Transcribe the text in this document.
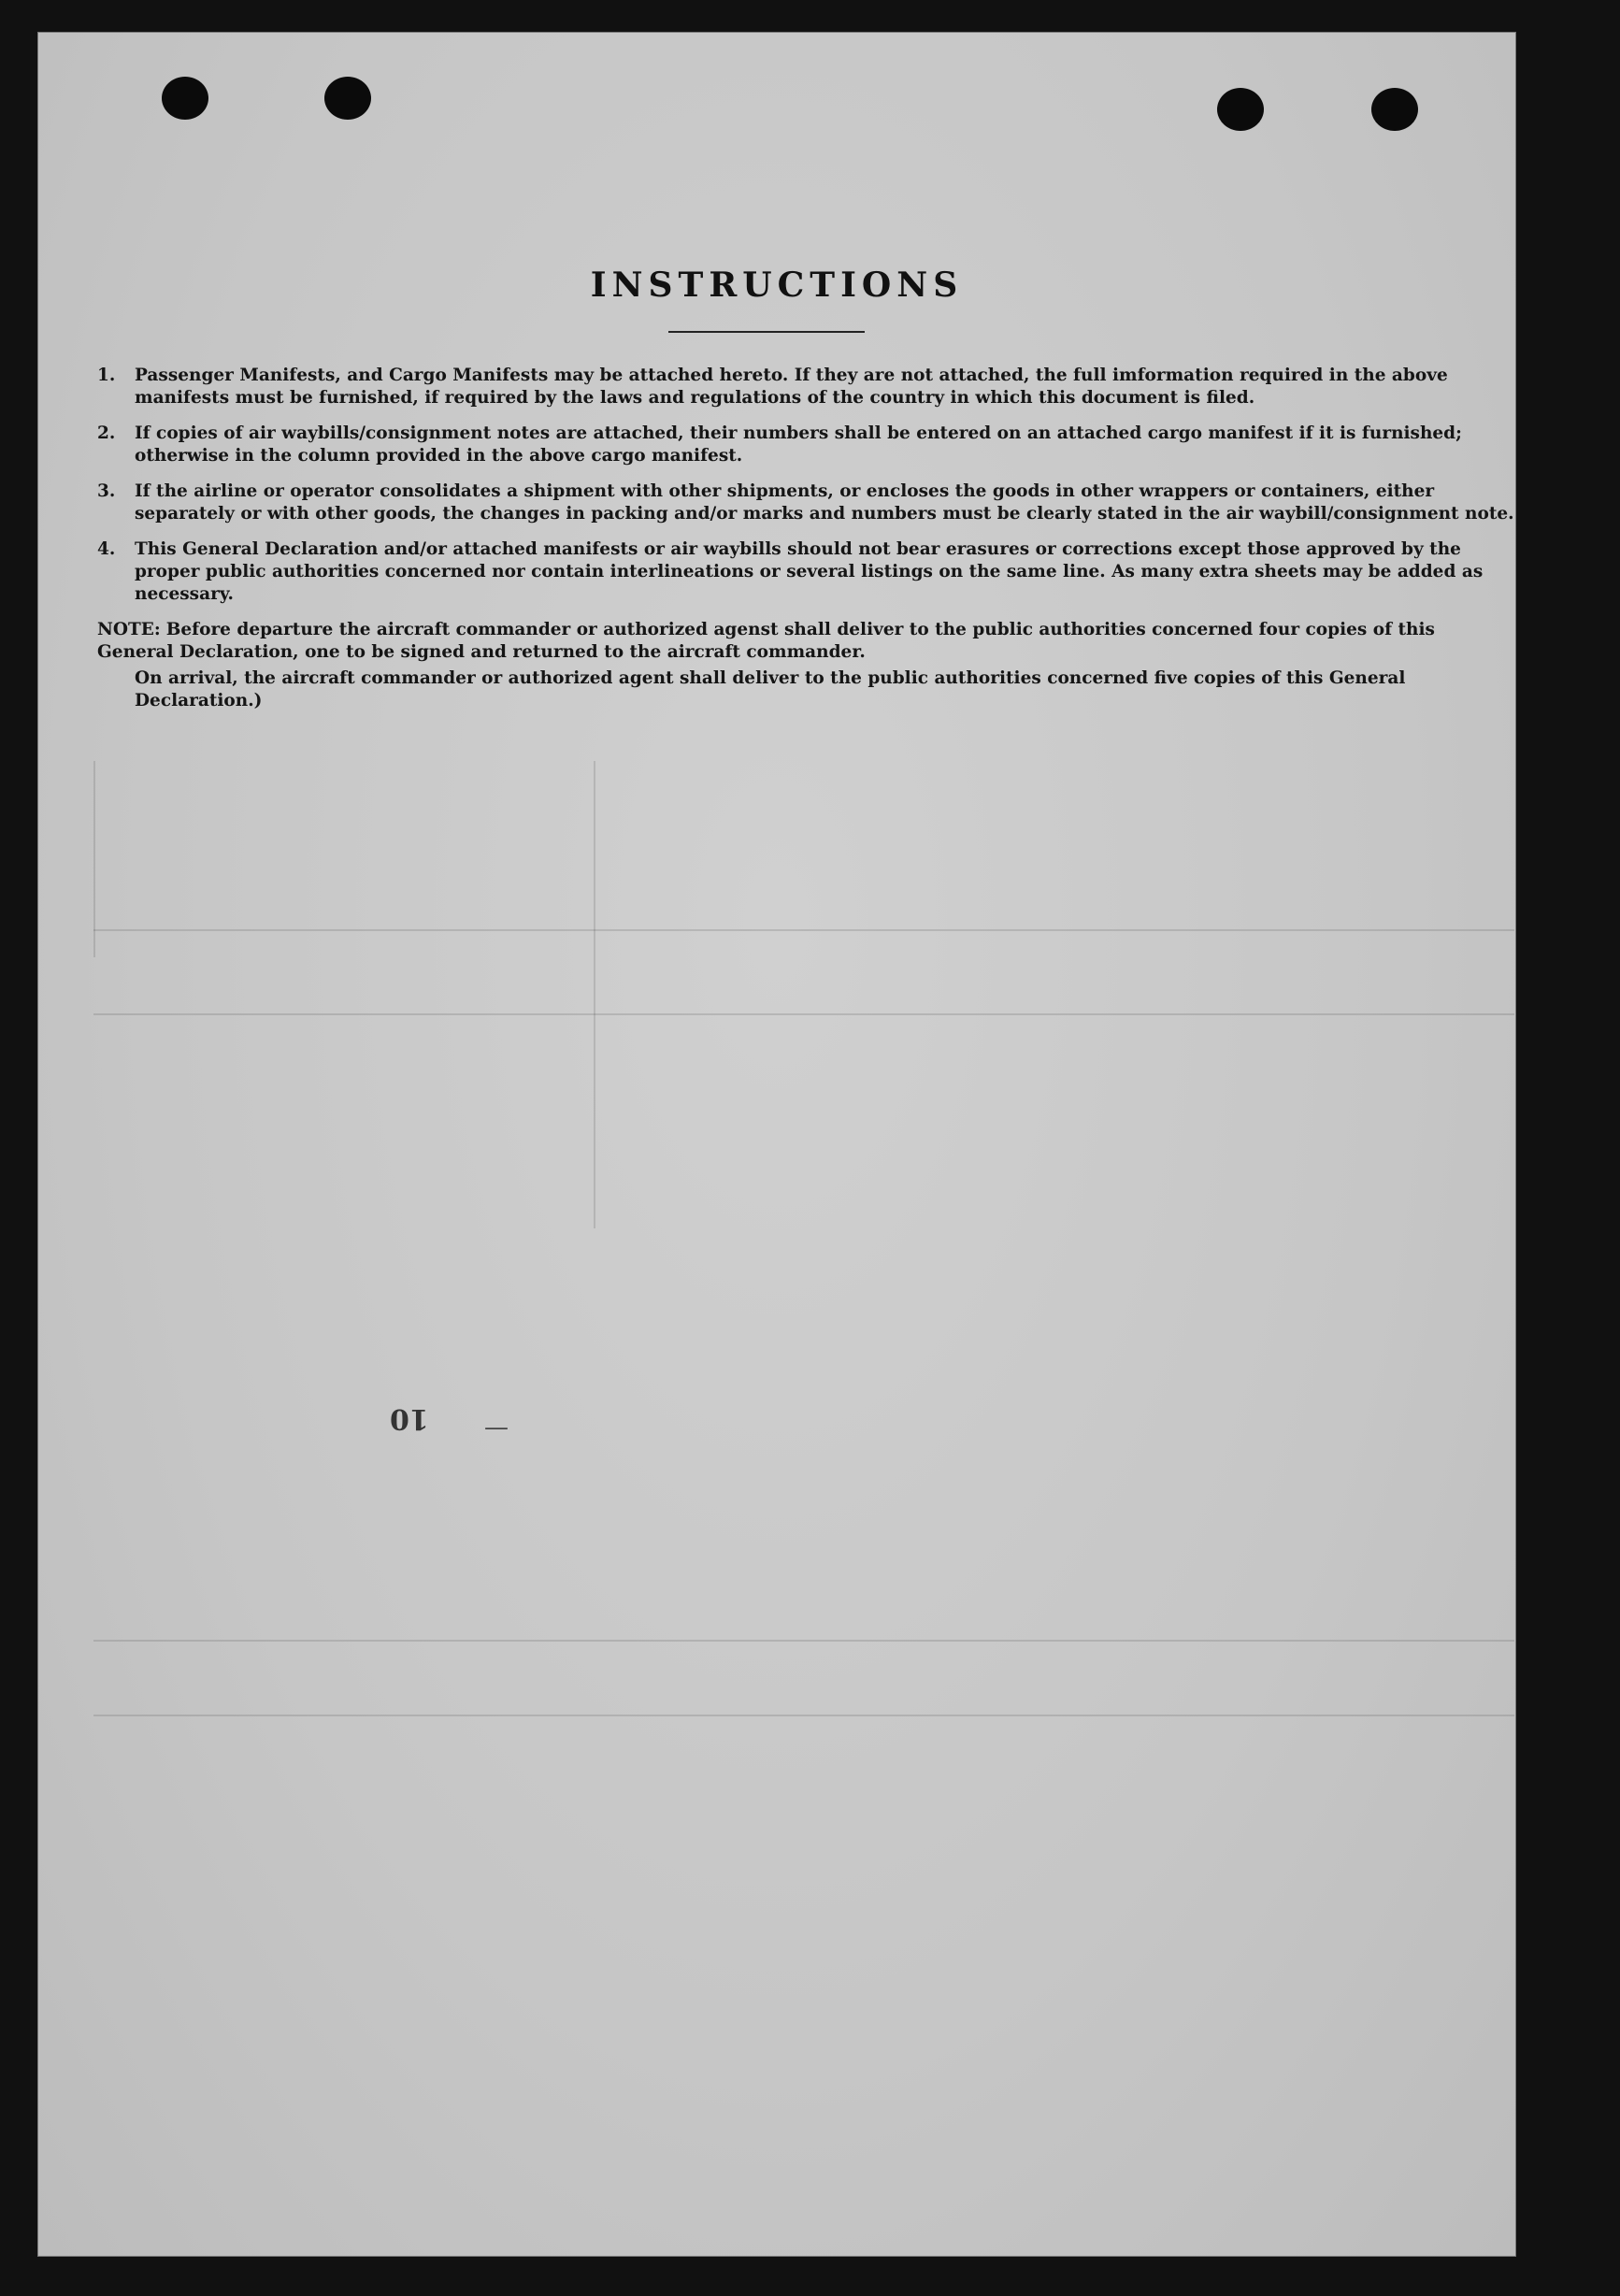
INSTRUCTIONS
1.	Passenger Manifests, and Cargo Manifests may be attached hereto. If they are not attached, the full imformation required in the above manifests must be furnished, if required by the laws and regulations of the country in which this document is filed.
2.	If copies of air waybills/consignment notes are attached, their numbers shall be entered on an attached cargo manifest if it is furnished; otherwise in the column provided in the above cargo manifest.
3.	If the airline or operator consolidates a shipment with other shipments, or encloses the goods in other wrappers or containers, either separately or with other goods, the changes in packing and/or marks and numbers must be clearly stated in the air waybill/consignment note.
4.	This General Declaration and/or attached manifests or air waybills should not bear erasures or corrections except those approved by the proper public authorities concerned nor contain interlineations or several listings on the same line. As many extra sheets may be added as necessary.
NOTE: Before departure the aircraft commander or authorized agenst shall deliver to the public authorities concerned four copies of this General Declaration, one to be signed and returned to the aircraft commander.
On arrival, the aircraft commander or authorized agent shall deliver to the public authorities concerned five copies of this General Declaration.)
10 —
